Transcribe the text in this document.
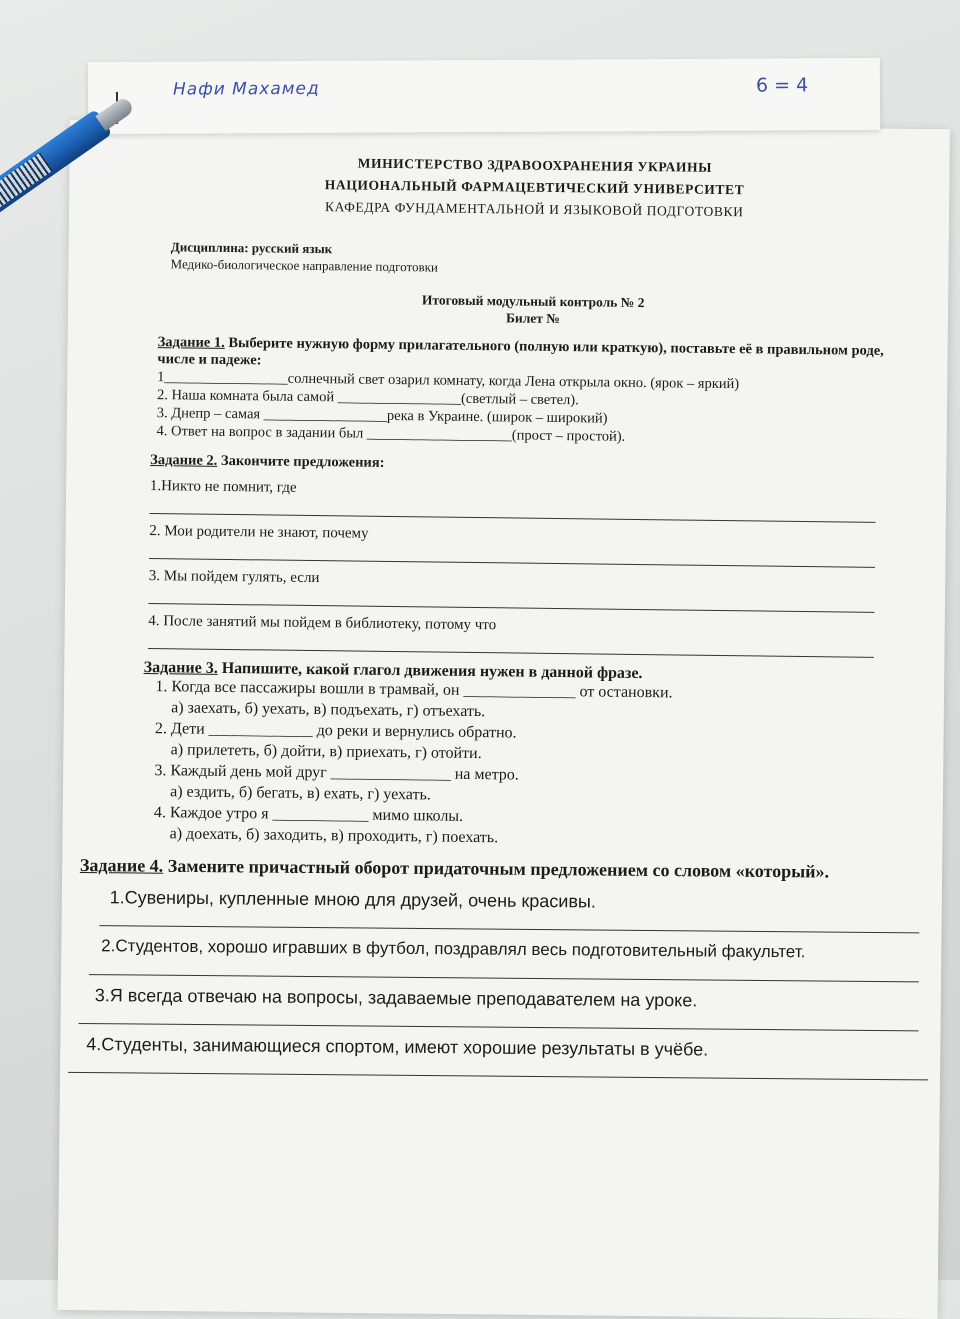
Нафи Махамед	6 = 4
МИНИСТЕРСТВО ЗДРАВООХРАНЕНИЯ УКРАИНЫ
НАЦИОНАЛЬНЫЙ ФАРМАЦЕВТИЧЕСКИЙ УНИВЕРСИТЕТ
КАФЕДРА ФУНДАМЕНТАЛЬНОЙ И ЯЗЫКОВОЙ ПОДГОТОВКИ
Дисциплина: русский язык
Медико-биологическое направление подготовки
Итоговый модульный контроль № 2
Билет №
Задание 1. Выберите нужную форму прилагательного (полную или краткую), поставьте её в правильном роде, числе и падеже:
1_________________солнечный свет озарил комнату, когда Лена открыла окно. (ярок – яркий)
2. Наша комната была самой _________________(светлый – светел).
3. Днепр – самая _________________река в Украине. (широк – широкий)
4. Ответ на вопрос в задании был ____________________(прост – простой).
Задание 2. Закончите предложения:
1.Никто не помнит, где
2. Мои родители не знают, почему
3. Мы пойдем гулять, если
4. После занятий мы пойдем в библиотеку, потому что
Задание 3. Напишите, какой глагол движения нужен в данной фразе.
1. Когда все пассажиры вошли в трамвай, он ______________ от остановки.
а) заехать, б) уехать, в) подъехать, г) отъехать.
2. Дети _____________ до реки и вернулись обратно.
а) прилететь, б) дойти, в) приехать, г) отойти.
3. Каждый день мой друг _______________ на метро.
а) ездить, б) бегать, в) ехать, г) уехать.
4. Каждое утро я ____________ мимо школы.
а) доехать, б) заходить, в) проходить, г) поехать.
Задание 4. Замените причастный оборот придаточным предложением со словом «который».
1.Сувениры, купленные мною для друзей, очень красивы.
2.Студентов, хорошо игравших в футбол, поздравлял весь подготовительный факультет.
3.Я всегда отвечаю на вопросы, задаваемые преподавателем на уроке.
4.Студенты, занимающиеся спортом, имеют хорошие результаты в учёбе.
